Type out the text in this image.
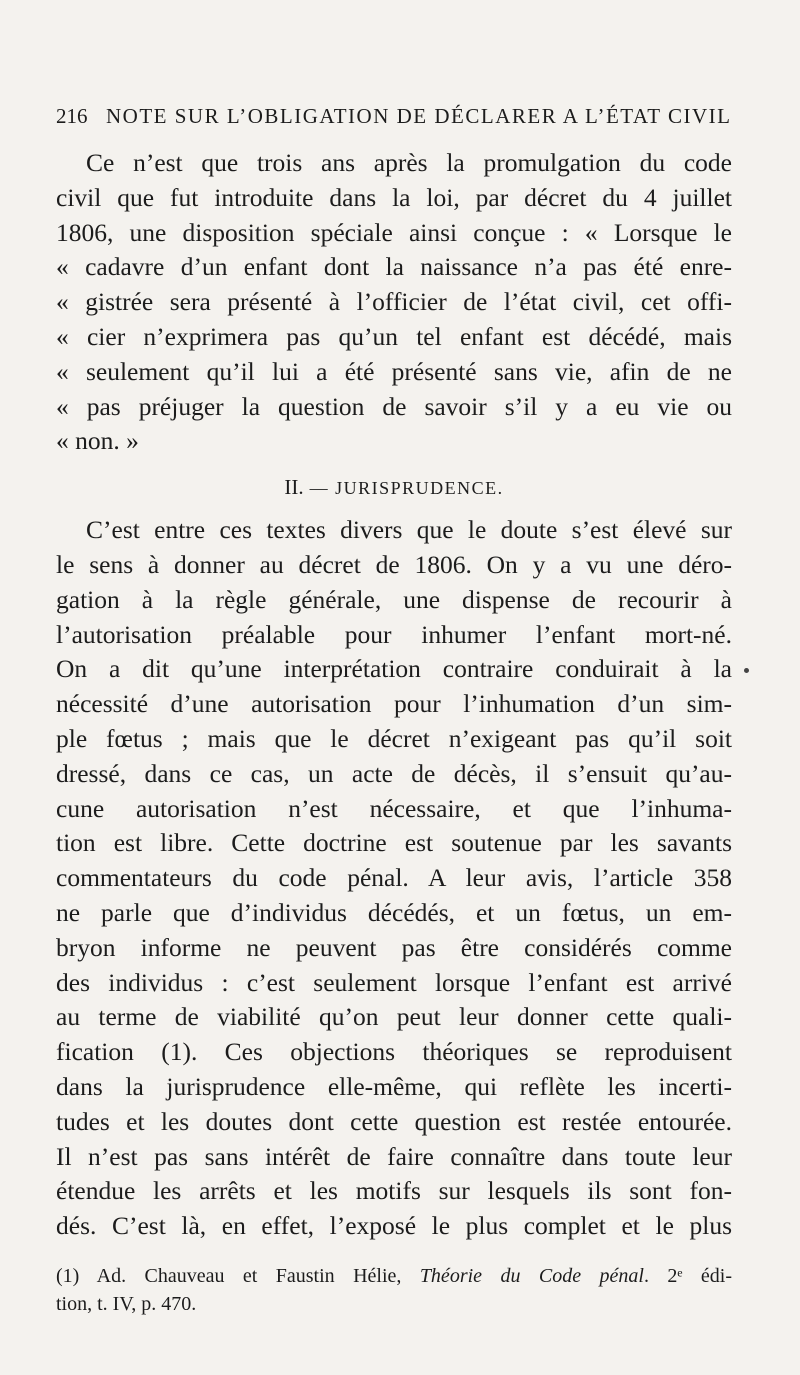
216 NOTE SUR L’OBLIGATION DE DÉCLARER A L’ÉTAT CIVIL

Ce n’est que trois ans après la promulgation du code
civil que fut introduite dans la loi, par décret du 4 juillet
1806, une disposition spéciale ainsi conçue : « Lorsque le
« cadavre d’un enfant dont la naissance n’a pas été enre-
« gistrée sera présenté à l’officier de l’état civil, cet offi-
« cier n’exprimera pas qu’un tel enfant est décédé, mais
« seulement qu’il lui a été présenté sans vie, afin de ne
« pas préjuger la question de savoir s’il y a eu vie ou
« non. »

II. — JURISPRUDENCE.

C’est entre ces textes divers que le doute s’est élevé sur
le sens à donner au décret de 1806. On y a vu une déro-
gation à la règle générale, une dispense de recourir à
l’autorisation préalable pour inhumer l’enfant mort-né.
On a dit qu’une interprétation contraire conduirait à la
nécessité d’une autorisation pour l’inhumation d’un sim-
ple fœtus ; mais que le décret n’exigeant pas qu’il soit
dressé, dans ce cas, un acte de décès, il s’ensuit qu’au-
cune autorisation n’est nécessaire, et que l’inhuma-
tion est libre. Cette doctrine est soutenue par les savants
commentateurs du code pénal. A leur avis, l’article 358
ne parle que d’individus décédés, et un fœtus, un em-
bryon informe ne peuvent pas être considérés comme
des individus : c’est seulement lorsque l’enfant est arrivé
au terme de viabilité qu’on peut leur donner cette quali-
fication (1). Ces objections théoriques se reproduisent
dans la jurisprudence elle-même, qui reflète les incerti-
tudes et les doutes dont cette question est restée entourée.
Il n’est pas sans intérêt de faire connaître dans toute leur
étendue les arrêts et les motifs sur lesquels ils sont fon-
dés. C’est là, en effet, l’exposé le plus complet et le plus

(1) Ad. Chauveau et Faustin Hélie, Théorie du Code pénal. 2ᵉ édi-
tion, t. IV, p. 470.
